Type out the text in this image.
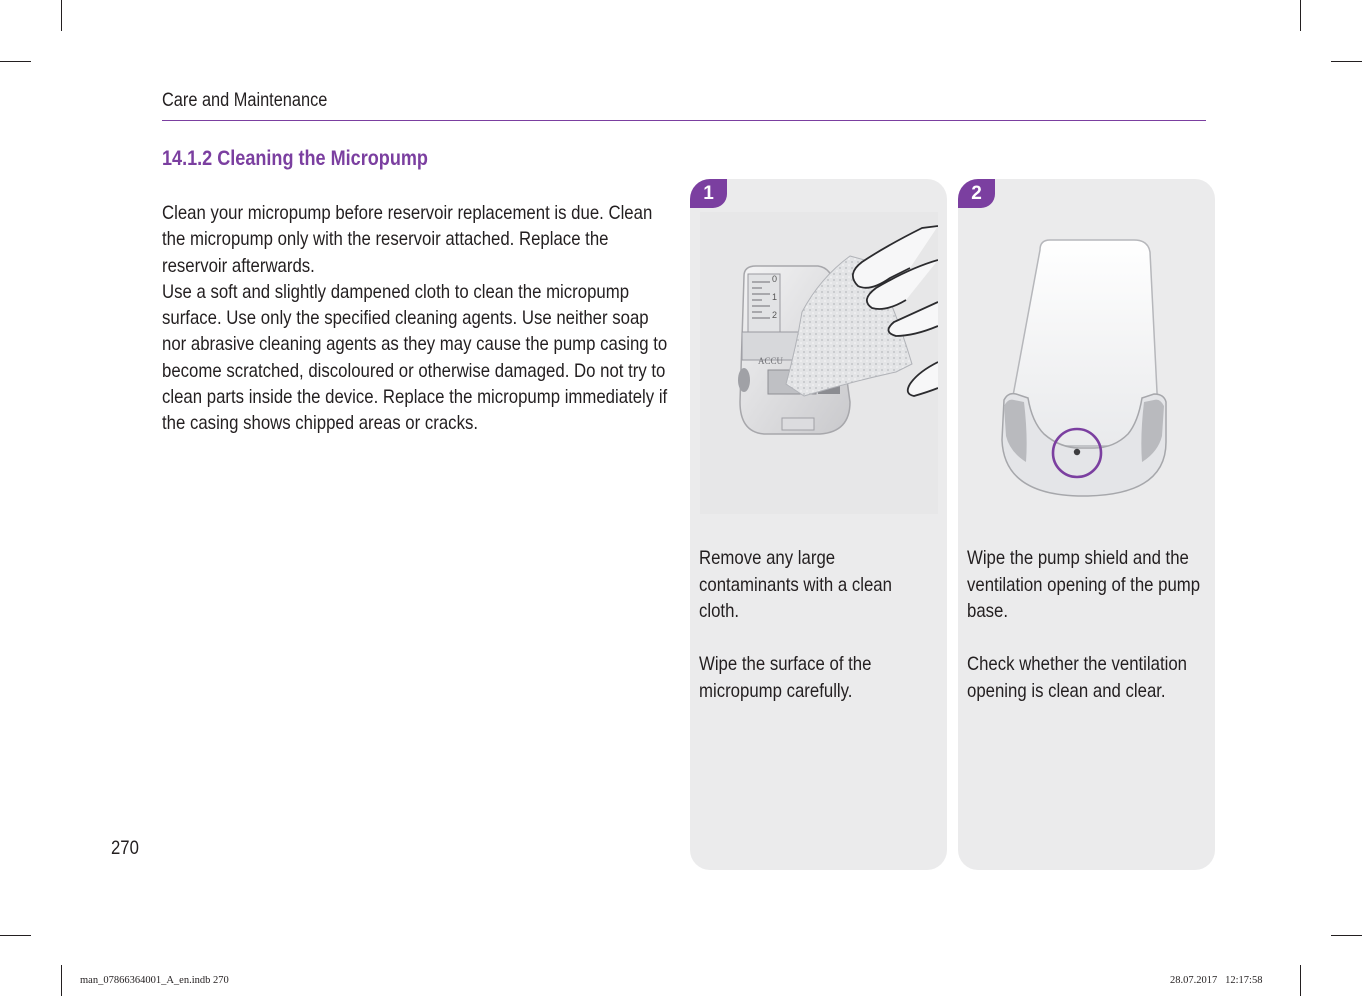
Care and Maintenance
14.1.2 Cleaning the Micropump

Clean your micropump before reservoir replacement is due. Clean the micropump only with the reservoir attached. Replace the reservoir afterwards.

Use a soft and slightly dampened cloth to clean the micropump surface. Use only the specified cleaning agents. Use neither soap nor abrasive cleaning agents as they may cause the pump casing to become scratched, discoloured or otherwise damaged. Do not try to clean parts inside the device. Replace the micropump immediately if the casing shows chipped areas or cracks.

1
0
1
2
ACCU

Remove any large contaminants with a clean cloth.

Wipe the surface of the micropump carefully.

2

Wipe the pump shield and the ventilation opening of the pump base.

Check whether the ventilation opening is clean and clear.

270
man_07866364001_A_en.indb 270	28.07.2017   12:17:58
